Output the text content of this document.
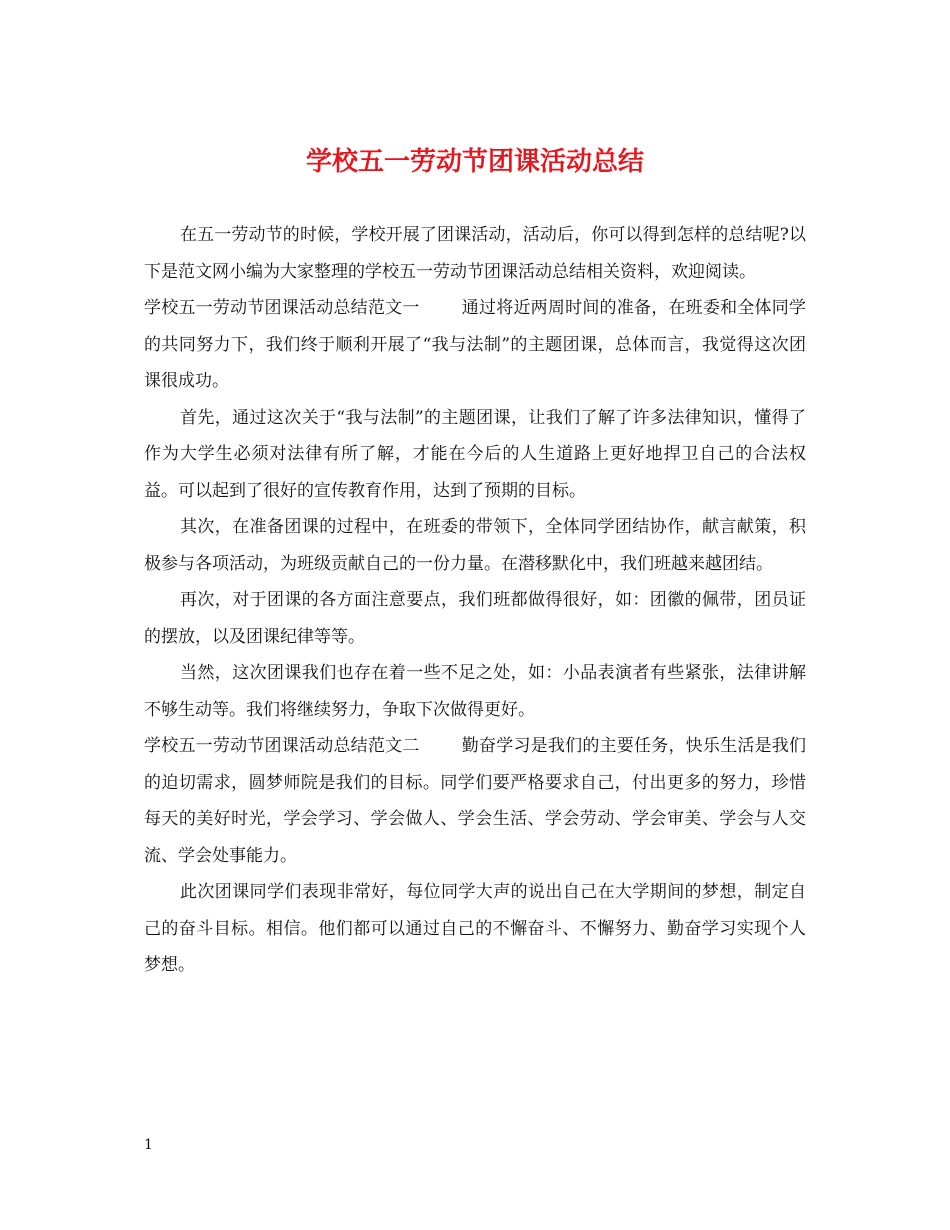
学校五一劳动节团课活动总结

在五一劳动节的时候，学校开展了团课活动，活动后，你可以得到怎样的总结呢?以下是范文网小编为大家整理的学校五一劳动节团课活动总结相关资料，欢迎阅读。

学校五一劳动节团课活动总结范文一 通过将近两周时间的准备，在班委和全体同学的共同努力下，我们终于顺利开展了“我与法制”的主题团课，总体而言，我觉得这次团课很成功。

首先，通过这次关于“我与法制”的主题团课，让我们了解了许多法律知识，懂得了作为大学生必须对法律有所了解，才能在今后的人生道路上更好地捍卫自己的合法权益。可以起到了很好的宣传教育作用，达到了预期的目标。

其次，在准备团课的过程中，在班委的带领下，全体同学团结协作，献言献策，积极参与各项活动，为班级贡献自己的一份力量。在潜移默化中，我们班越来越团结。

再次，对于团课的各方面注意要点，我们班都做得很好，如：团徽的佩带，团员证的摆放，以及团课纪律等等。

当然，这次团课我们也存在着一些不足之处，如：小品表演者有些紧张，法律讲解不够生动等。我们将继续努力，争取下次做得更好。

学校五一劳动节团课活动总结范文二 勤奋学习是我们的主要任务，快乐生活是我们的迫切需求，圆梦师院是我们的目标。同学们要严格要求自己，付出更多的努力，珍惜每天的美好时光，学会学习、学会做人、学会生活、学会劳动、学会审美、学会与人交流、学会处事能力。

此次团课同学们表现非常好，每位同学大声的说出自己在大学期间的梦想，制定自己的奋斗目标。相信。他们都可以通过自己的不懈奋斗、不懈努力、勤奋学习实现个人梦想。

1
